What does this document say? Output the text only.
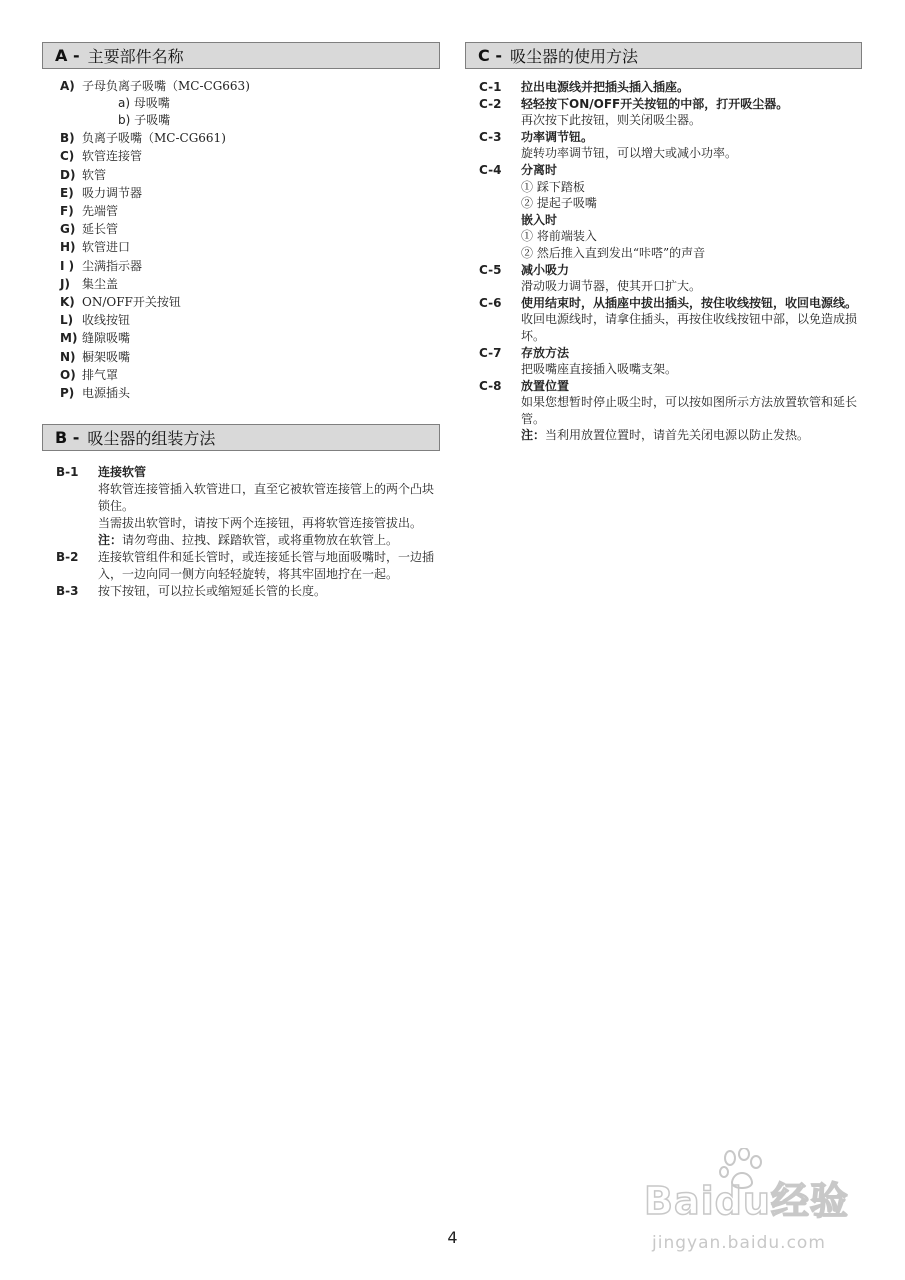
A - 主要部件名称
A) 子母负离子吸嘴（MC-CG663)
a) 母吸嘴
b) 子吸嘴
B) 负离子吸嘴（MC-CG661)
C) 软管连接管
D) 软管
E) 吸力调节器
F) 先端管
G) 延长管
H) 软管进口
I ) 尘满指示器
J)	集尘盖
K) ON/OFF开关按钮
L) 收线按钮
M) 缝隙吸嘴
N) 橱架吸嘴
O) 排气罩
P) 电源插头
B - 吸尘器的组装方法
B-1	连接软管
将软管连接管插入软管进口，直至它被软管连接管上的两个凸块锁住。
当需拔出软管时，请按下两个连接钮，再将软管连接管拔出。
注：请勿弯曲、拉拽、踩踏软管，或将重物放在软管上。
B-2	连接软管组件和延长管时，或连接延长管与地面吸嘴时，一边插入，一边向同一侧方向轻轻旋转，将其牢固地拧在一起。
B-3	按下按钮，可以拉长或缩短延长管的长度。
C - 吸尘器的使用方法
C-1	拉出电源线并把插头插入插座。
C-2	轻轻按下ON/OFF开关按钮的中部，打开吸尘器。
再次按下此按钮，则关闭吸尘器。
C-3	功率调节钮。
旋转功率调节钮，可以增大或减小功率。
C-4	分离时
① 踩下踏板
② 提起子吸嘴
嵌入时
① 将前端装入
② 然后推入直到发出“咔嗒”的声音
C-5	减小吸力
滑动吸力调节器，使其开口扩大。
C-6	使用结束时，从插座中拔出插头，按住收线按钮，收回电源线。
收回电源线时，请拿住插头，再按住收线按钮中部，以免造成损坏。
C-7	存放方法
把吸嘴座直接插入吸嘴支架。
C-8	放置位置
如果您想暂时停止吸尘时，可以按如图所示方法放置软管和延长管。
注：当利用放置位置时，请首先关闭电源以防止发热。
Baidu经验
jingyan.baidu.com
4
